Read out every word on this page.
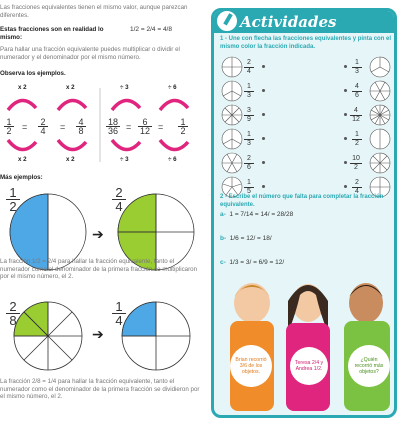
Las fracciones equivalentes tienen el mismo valor, aunque parezcan diferentes.
Estas fracciones son en realidad lo mismo:
1/2 = 2/4 = 4/8
Para hallar una fracción equivalente puedes multiplicar o dividir el numerador y el denominador por el mismo número.
Observa los ejemplos.
x 2	x 2	÷ 3	÷ 6
x 2	x 2	÷ 3	÷ 6
$\frac{1}{2} = \frac{2}{4} = \frac{4}{8} \frac{18}{36} = \frac{6}{12} = \frac{1}{2}$
Más ejemplos:
$\frac{1}{2}$
➔
$\frac{2}{4}$
La fracción 1/2 = 2/4 para hallar la fracción equivalente, tanto el numerador como el denominador de la primera fracción se multiplicaron por el mismo número, el 2.
$\frac{2}{8}$
➔
$\frac{1}{4}$
La fracción 2/8 = 1/4 para hallar la fracción equivalente, tanto el numerador como el denominador de la primera fracción se dividieron por el mismo número, el 2.
Actividades
1 - Une con flecha las fracciones equivalentes y pinta con el mismo color la fracción indicada.
$\frac{2}{4}$
$\frac{1}{3}$
$\frac{3}{9}$
$\frac{1}{3}$
$\frac{2}{6}$
$\frac{1}{5}$
$\frac{1}{3}$
$\frac{4}{6}$
$\frac{4}{12}$
$\frac{1}{2}$
$\frac{10}{2}$
$\frac{2}{4}$
2 - Escribe el número que falta para completar la fracción equivalente.
a- 1 = 7/14 = 14/ = 28/28
b- 1/6 = 12/ = 18/
c- 1/3 = 3/ = 6/9 = 12/
Brian recorrió 3/6 de los objetos.
Teresa 2/4 y Andrea 1/2.
¿Quién recorrió más objetos?
